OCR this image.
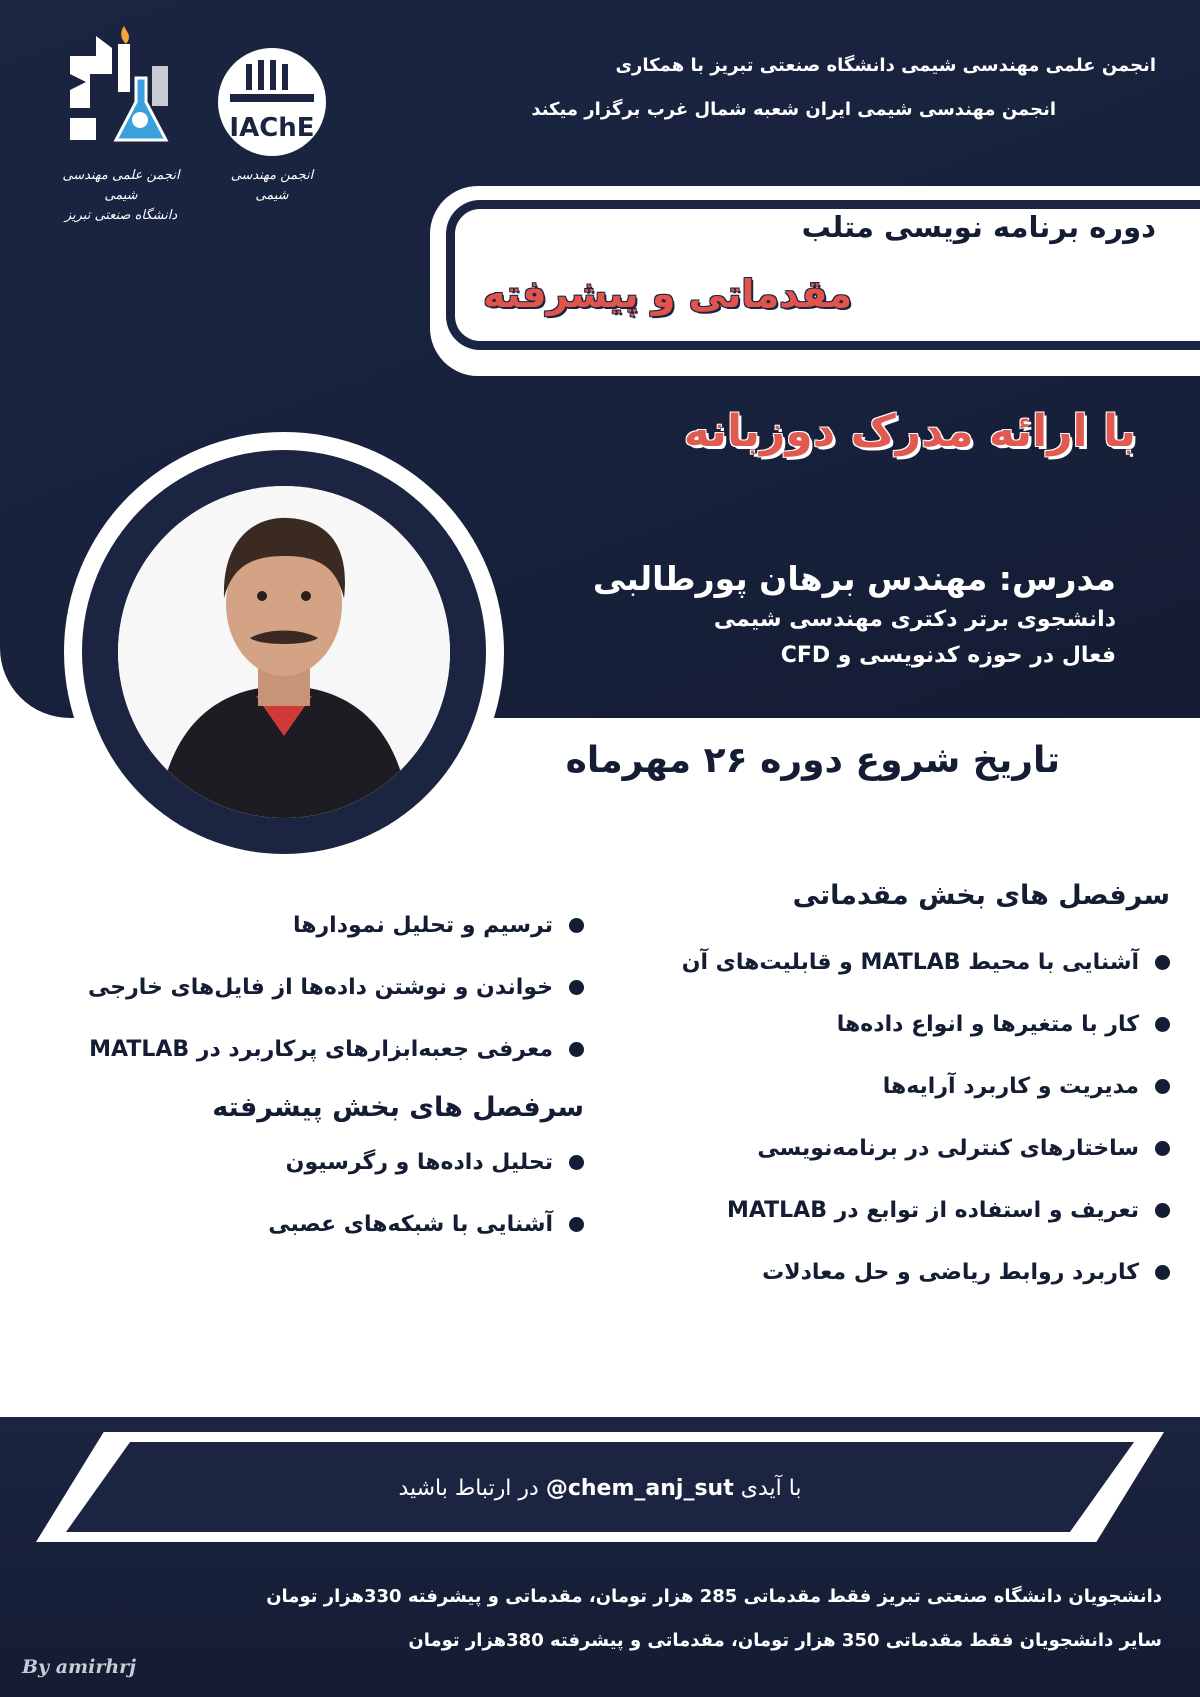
انجمن علمی مهندسی شیمی دانشگاه صنعتی تبریز با همکاری
انجمن مهندسی شیمی ایران شعبه شمال غرب برگزار میکند
انجمن علمی مهندسی شیمی
دانشگاه صنعتی تبریز
IAChE
انجمن مهندسی شیمی
دوره برنامه نویسی متلب
مقدماتی و پیشرفته
با ارائه مدرک دوزبانه
مدرس: مهندس برهان پورطالبی
دانشجوی برتر دکتری مهندسی شیمی
فعال در حوزه کدنویسی و CFD
تاریخ شروع دوره ۲۶ مهرماه
سرفصل های بخش مقدماتی
آشنایی با محیط MATLAB و قابلیت‌های آن
کار با متغیرها و انواع داده‌ها
مدیریت و کاربرد آرایه‌ها
ساختارهای کنترلی در برنامه‌نویسی
تعریف و استفاده از توابع در MATLAB
کاربرد روابط ریاضی و حل معادلات
ترسیم و تحلیل نمودارها
خواندن و نوشتن داده‌ها از فایل‌های خارجی
معرفی جعبه‌ابزارهای پرکاربرد در MATLAB
سرفصل های بخش پیشرفته
تحلیل داده‌ها و رگرسیون
آشنایی با شبکه‌های عصبی
با آیدی @chem_anj_sut در ارتباط باشید
دانشجویان دانشگاه صنعتی تبریز فقط مقدماتی 285 هزار تومان، مقدماتی و پیشرفته 330هزار تومان
سایر دانشجویان فقط مقدماتی 350 هزار تومان، مقدماتی و پیشرفته 380هزار تومان
By amirhrj
